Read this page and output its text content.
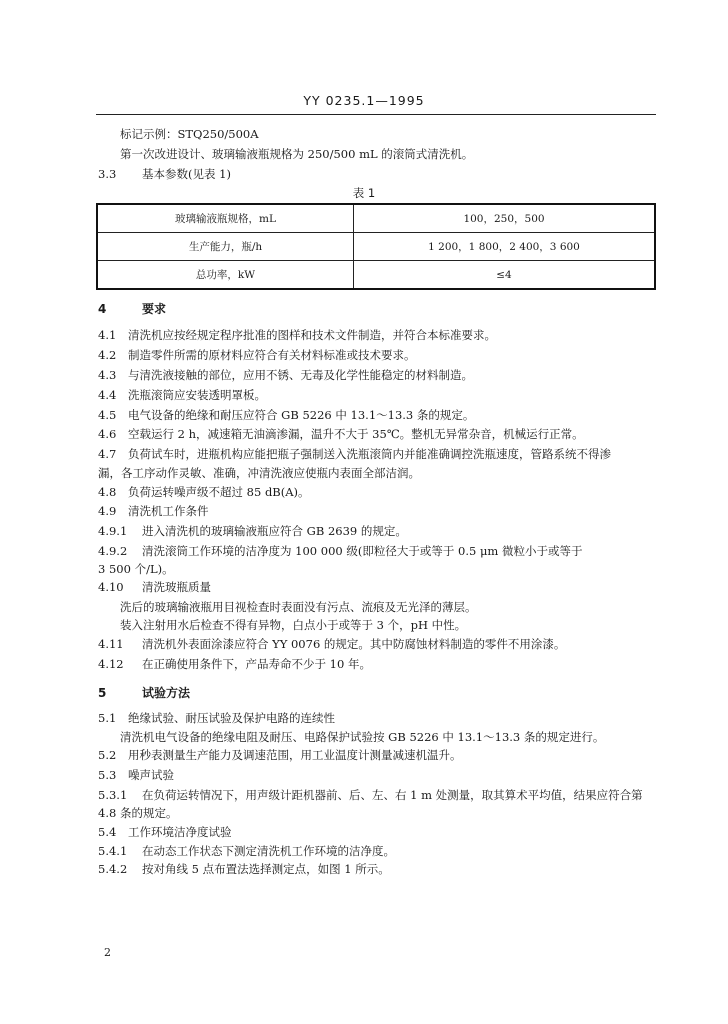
YY 0235.1—1995
标记示例：STQ250/500A
第一次改进设计、玻璃输液瓶规格为 250/500 mL 的滚筒式清洗机。
3.3 基本参数(见表 1)
表 1
玻璃输液瓶规格，mL	100，250，500
生产能力，瓶/h	1 200，1 800，2 400，3 600
总功率，kW	≤4
4	要求
4.1 清洗机应按经规定程序批准的图样和技术文件制造，并符合本标准要求。
4.2 制造零件所需的原材料应符合有关材料标准或技术要求。
4.3 与清洗液接触的部位，应用不锈、无毒及化学性能稳定的材料制造。
4.4 洗瓶滚筒应安装透明罩板。
4.5 电气设备的绝缘和耐压应符合 GB 5226 中 13.1～13.3 条的规定。
4.6 空载运行 2 h，减速箱无油滴渗漏，温升不大于 35℃。整机无异常杂音，机械运行正常。
4.7 负荷试车时，进瓶机构应能把瓶子强制送入洗瓶滚筒内并能准确调控洗瓶速度，管路系统不得渗
漏，各工序动作灵敏、准确，冲清洗液应使瓶内表面全部洁润。
4.8 负荷运转噪声级不超过 85 dB(A)。
4.9 清洗机工作条件
4.9.1 进入清洗机的玻璃输液瓶应符合 GB 2639 的规定。
4.9.2 清洗滚筒工作环境的洁净度为 100 000 级(即粒径大于或等于 0.5 μm 微粒小于或等于
3 500 个/L)。
4.10 清洗玻瓶质量
洗后的玻璃输液瓶用目视检查时表面没有污点、流痕及无光泽的薄层。
装入注射用水后检查不得有异物，白点小于或等于 3 个，pH 中性。
4.11 清洗机外表面涂漆应符合 YY 0076 的规定。其中防腐蚀材料制造的零件不用涂漆。
4.12 在正确使用条件下，产品寿命不少于 10 年。
5	试验方法
5.1 绝缘试验、耐压试验及保护电路的连续性
清洗机电气设备的绝缘电阻及耐压、电路保护试验按 GB 5226 中 13.1～13.3 条的规定进行。
5.2 用秒表测量生产能力及调速范围，用工业温度计测量减速机温升。
5.3 噪声试验
5.3.1 在负荷运转情况下，用声级计距机器前、后、左、右 1 m 处测量，取其算术平均值，结果应符合第
4.8 条的规定。
5.4 工作环境洁净度试验
5.4.1 在动态工作状态下测定清洗机工作环境的洁净度。
5.4.2 按对角线 5 点布置法选择测定点，如图 1 所示。
2
